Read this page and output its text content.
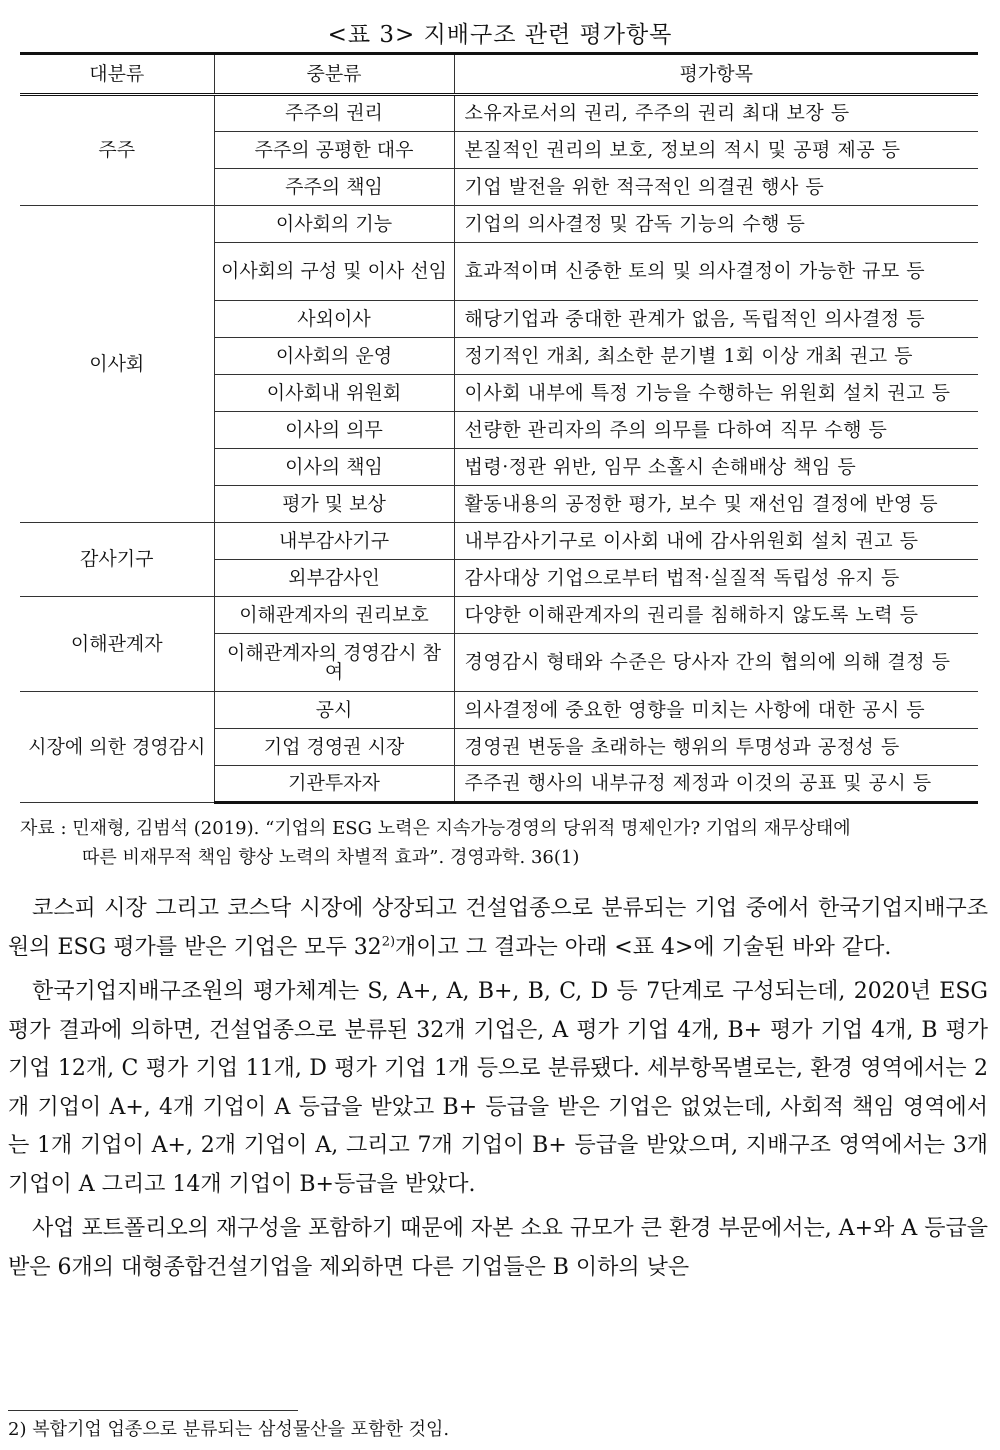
<표 3> 지배구조 관련 평가항목
대분류	중분류	평가항목
주주	주주의 권리	소유자로서의 권리, 주주의 권리 최대 보장 등
	주주의 공평한 대우	본질적인 권리의 보호, 정보의 적시 및 공평 제공 등
	주주의 책임	기업 발전을 위한 적극적인 의결권 행사 등
이사회	이사회의 기능	기업의 의사결정 및 감독 기능의 수행 등
	이사회의 구성 및 이사 선임	효과적이며 신중한 토의 및 의사결정이 가능한 규모 등
	사외이사	해당기업과 중대한 관계가 없음, 독립적인 의사결정 등
	이사회의 운영	정기적인 개최, 최소한 분기별 1회 이상 개최 권고 등
	이사회내 위원회	이사회 내부에 특정 기능을 수행하는 위원회 설치 권고 등
	이사의 의무	선량한 관리자의 주의 의무를 다하여 직무 수행 등
	이사의 책임	법령·정관 위반, 임무 소홀시 손해배상 책임 등
	평가 및 보상	활동내용의 공정한 평가, 보수 및 재선임 결정에 반영 등
감사기구	내부감사기구	내부감사기구로 이사회 내에 감사위원회 설치 권고 등
	외부감사인	감사대상 기업으로부터 법적·실질적 독립성 유지 등
이해관계자	이해관계자의 권리보호	다양한 이해관계자의 권리를 침해하지 않도록 노력 등
	이해관계자의 경영감시 참여	경영감시 형태와 수준은 당사자 간의 협의에 의해 결정 등
시장에 의한 경영감시	공시	의사결정에 중요한 영향을 미치는 사항에 대한 공시 등
	기업 경영권 시장	경영권 변동을 초래하는 행위의 투명성과 공정성 등
	기관투자자	주주권 행사의 내부규정 제정과 이것의 공표 및 공시 등
자료 : 민재형, 김범석 (2019). “기업의 ESG 노력은 지속가능경영의 당위적 명제인가? 기업의 재무상태에
따른 비재무적 책임 향상 노력의 차별적 효과”. 경영과학. 36(1)

코스피 시장 그리고 코스닥 시장에 상장되고 건설업종으로 분류되는 기업 중에서 한국기업지배구조원의 ESG 평가를 받은 기업은 모두 32$^{2)}$개이고 그 결과는 아래 <표 4>에 기술된 바와 같다.

한국기업지배구조원의 평가체계는 S, A+, A, B+, B, C, D 등 7단계로 구성되는데, 2020년 ESG 평가 결과에 의하면, 건설업종으로 분류된 32개 기업은, A 평가 기업 4개, B+ 평가 기업 4개, B 평가 기업 12개, C 평가 기업 11개, D 평가 기업 1개 등으로 분류됐다. 세부항목별로는, 환경 영역에서는 2개 기업이 A+, 4개 기업이 A 등급을 받았고 B+ 등급을 받은 기업은 없었는데, 사회적 책임 영역에서는 1개 기업이 A+, 2개 기업이 A, 그리고 7개 기업이 B+ 등급을 받았으며, 지배구조 영역에서는 3개 기업이 A 그리고 14개 기업이 B+등급을 받았다.

사업 포트폴리오의 재구성을 포함하기 때문에 자본 소요 규모가 큰 환경 부문에서는, A+와 A 등급을 받은 6개의 대형종합건설기업을 제외하면 다른 기업들은 B 이하의 낮은

2) 복합기업 업종으로 분류되는 삼성물산을 포함한 것임.
